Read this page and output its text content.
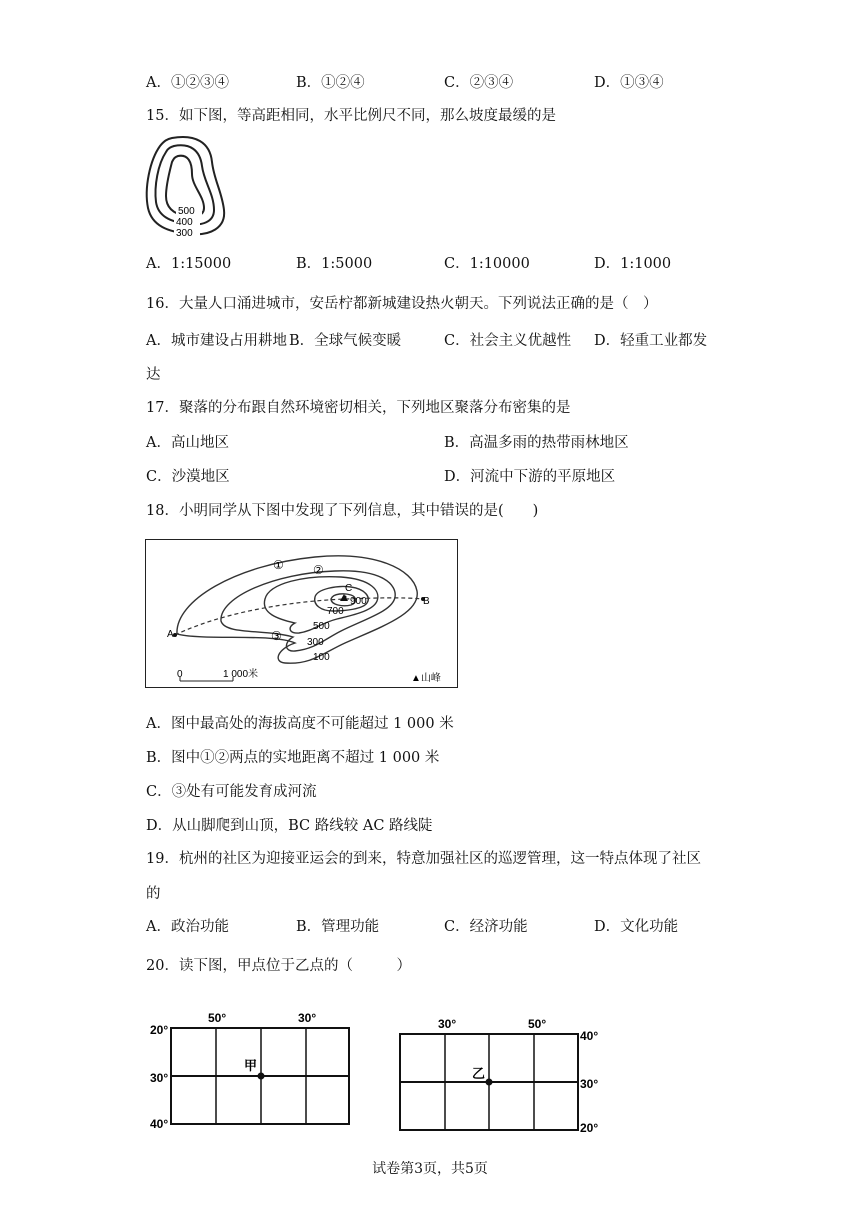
A．①②③④	B．①②④	C．②③④	D．①③④
15．如下图，等高距相同，水平比例尺不同，那么坡度最缓的是
500
400
300
A．1:15000	B．1:5000	C．1:10000	D．1:1000
16．大量人口涌进城市，安岳柠都新城建设热火朝天。下列说法正确的是（　）
A．城市建设占用耕地 B．全球气候变暖	C．社会主义优越性 D．轻重工业都发
达
17．聚落的分布跟自然环境密切相关，下列地区聚落分布密集的是
A．高山地区	B．高温多雨的热带雨林地区
C．沙漠地区	D．河流中下游的平原地区
18．小明同学从下图中发现了下列信息，其中错误的是(　　)
① ②
③
A
B
C
900
700
500
300
100
0	1 000米	▲山峰
A．图中最高处的海拔高度不可能超过 1 000 米
B．图中①②两点的实地距离不超过 1 000 米
C．③处有可能发育成河流
D．从山脚爬到山顶，BC 路线较 AC 路线陡
19．杭州的社区为迎接亚运会的到来，特意加强社区的巡逻管理，这一特点体现了社区
的
A．政治功能	B．管理功能	C．经济功能	D．文化功能
20．读下图，甲点位于乙点的（　　　）
甲
50°	30°
20°
30°
40°
乙
30°	50°
40°
30°
20°
试卷第3页，共5页
